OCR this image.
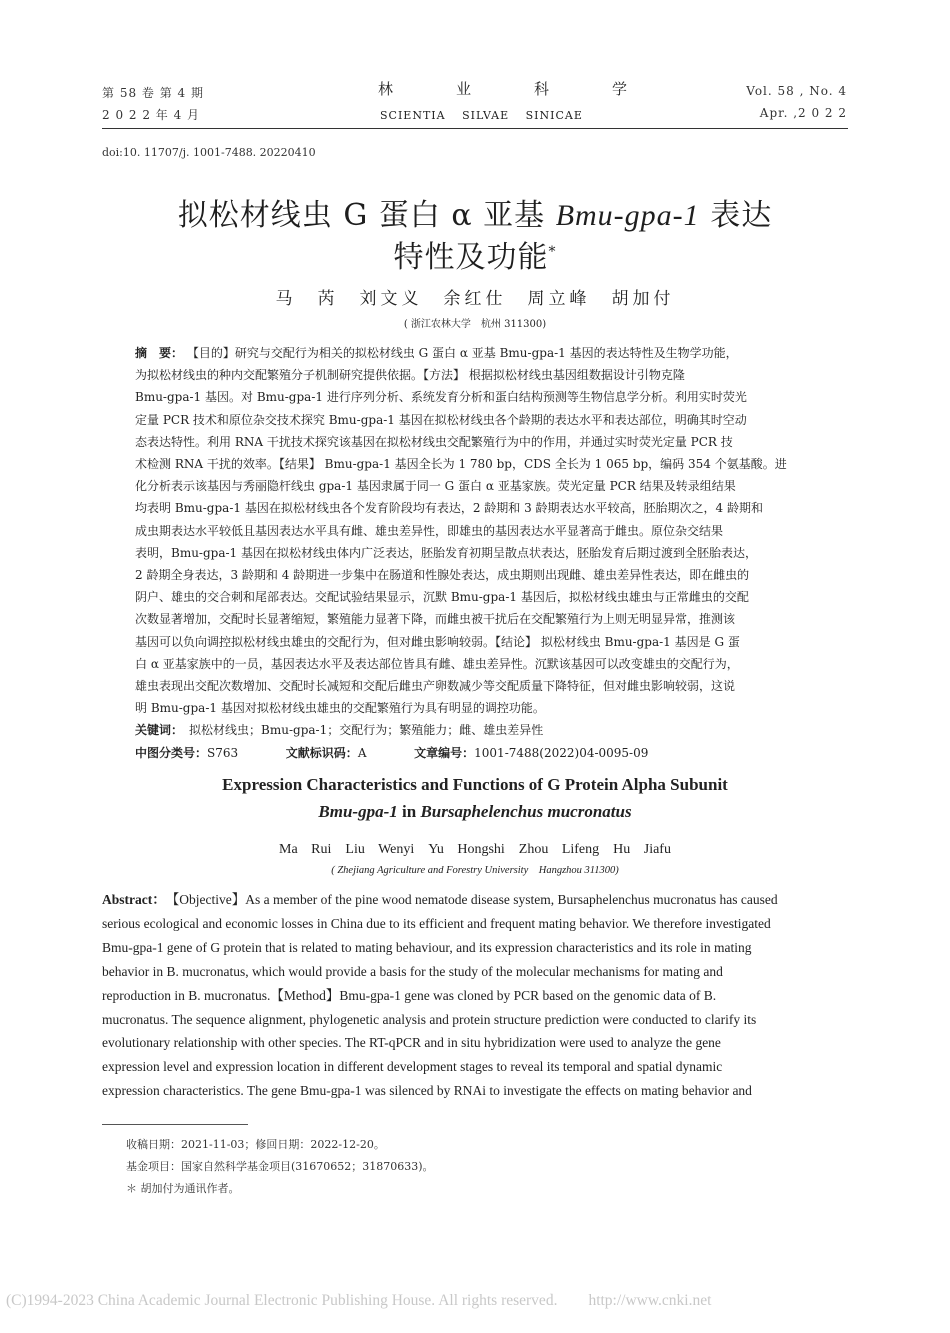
第 58 卷 第 4 期
2 0 2 2 年 4 月
林　业　科　学
SCIENTIA　 SILVAE　 SINICAE
Vol. 58 , No. 4
Apr. ,2 0 2 2
doi:10. 11707/j. 1001-7488. 20220410
拟松材线虫 G 蛋白 α 亚基 Bmu-gpa-1 表达
特性及功能*
马　芮　刘文义　余红仕　周立峰　胡加付
( 浙江农林大学　杭州 311300)
摘　要： 【目的】研究与交配行为相关的拟松材线虫 G 蛋白 α 亚基 Bmu-gpa-1 基因的表达特性及生物学功能，
为拟松材线虫的种内交配繁殖分子机制研究提供依据。【方法】 根据拟松材线虫基因组数据设计引物克隆
Bmu-gpa-1 基因。对 Bmu-gpa-1 进行序列分析、系统发育分析和蛋白结构预测等生物信息学分析。利用实时荧光
定量 PCR 技术和原位杂交技术探究 Bmu-gpa-1 基因在拟松材线虫各个龄期的表达水平和表达部位，明确其时空动
态表达特性。利用 RNA 干扰技术探究该基因在拟松材线虫交配繁殖行为中的作用，并通过实时荧光定量 PCR 技
术检测 RNA 干扰的效率。【结果】 Bmu-gpa-1 基因全长为 1 780 bp，CDS 全长为 1 065 bp，编码 354 个氨基酸。进
化分析表示该基因与秀丽隐杆线虫 gpa-1 基因隶属于同一 G 蛋白 α 亚基家族。荧光定量 PCR 结果及转录组结果
均表明 Bmu-gpa-1 基因在拟松材线虫各个发育阶段均有表达，2 龄期和 3 龄期表达水平较高，胚胎期次之，4 龄期和
成虫期表达水平较低且基因表达水平具有雌、雄虫差异性，即雄虫的基因表达水平显著高于雌虫。原位杂交结果
表明，Bmu-gpa-1 基因在拟松材线虫体内广泛表达，胚胎发育初期呈散点状表达，胚胎发育后期过渡到全胚胎表达，
2 龄期全身表达，3 龄期和 4 龄期进一步集中在肠道和性腺处表达，成虫期则出现雌、雄虫差异性表达，即在雌虫的
阴户、雄虫的交合刺和尾部表达。交配试验结果显示，沉默 Bmu-gpa-1 基因后，拟松材线虫雄虫与正常雌虫的交配
次数显著增加，交配时长显著缩短，繁殖能力显著下降，而雌虫被干扰后在交配繁殖行为上则无明显异常，推测该
基因可以负向调控拟松材线虫雄虫的交配行为，但对雌虫影响较弱。【结论】 拟松材线虫 Bmu-gpa-1 基因是 G 蛋
白 α 亚基家族中的一员，基因表达水平及表达部位皆具有雌、雄虫差异性。沉默该基因可以改变雄虫的交配行为，
雄虫表现出交配次数增加、交配时长减短和交配后雌虫产卵数减少等交配质量下降特征，但对雌虫影响较弱，这说
明 Bmu-gpa-1 基因对拟松材线虫雄虫的交配繁殖行为具有明显的调控功能。
关键词：　 拟松材线虫；Bmu-gpa-1；交配行为；繁殖能力；雌、雄虫差异性
中图分类号：S763	文献标识码：A	文章编号：1001-7488(2022)04-0095-09
Expression Characteristics and Functions of G Protein Alpha Subunit
Bmu-gpa-1 in Bursaphelenchus mucronatus
Ma Rui　Liu Wenyi　Yu Hongshi　Zhou Lifeng　Hu Jiafu
( Zhejiang Agriculture and Forestry University　Hangzhou 311300)
Abstract：　 【Objective】As a member of the pine wood nematode disease system, Bursaphelenchus mucronatus has caused
serious ecological and economic losses in China due to its efficient and frequent mating behavior. We therefore investigated
Bmu-gpa-1 gene of G protein that is related to mating behaviour, and its expression characteristics and its role in mating
behavior in B. mucronatus, which would provide a basis for the study of the molecular mechanisms for mating and
reproduction in B. mucronatus.【Method】Bmu-gpa-1 gene was cloned by PCR based on the genomic data of B.
mucronatus. The sequence alignment, phylogenetic analysis and protein structure prediction were conducted to clarify its
evolutionary relationship with other species. The RT-qPCR and in situ hybridization were used to analyze the gene
expression level and expression location in different development stages to reveal its temporal and spatial dynamic
expression characteristics. The gene Bmu-gpa-1 was silenced by RNAi to investigate the effects on mating behavior and
收稿日期：2021-11-03；修回日期：2022-12-20。
基金项目：国家自然科学基金项目(31670652；31870633)。
＊ 胡加付为通讯作者。
(C)1994-2023 China Academic Journal Electronic Publishing House. All rights reserved.　　http://www.cnki.net
